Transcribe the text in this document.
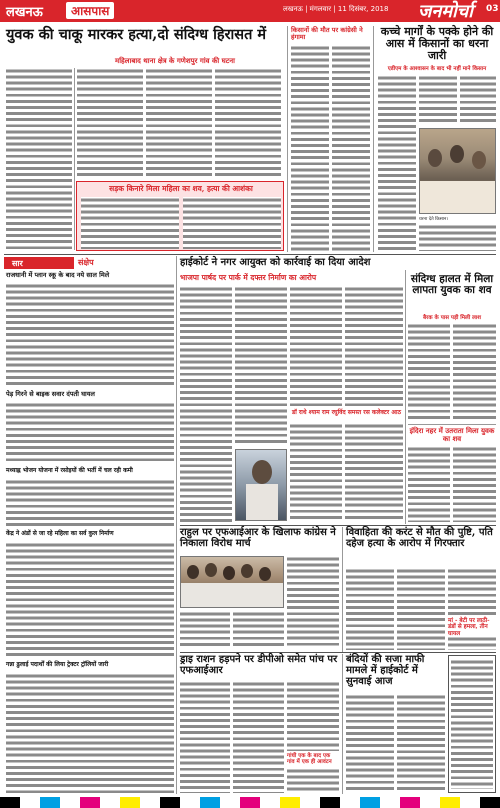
लखनऊ	आसपास	लखनऊ | मंगलवार | 11 दिसंबर, 2018 जनमोर्चा 03
युवक की चाकू मारकर हत्या,दो संदिग्ध हिरासत में
महिलाबाद थाना क्षेत्र के गणेशपुर गांव की घटना
सड़क किनारे मिला महिला का शव, हत्या की आशंका
किसानों की मौत पर कांग्रेसी ने हंगामा	कच्चे मार्गों के पक्के होने की आस में किसानों का धरना जारी
एडीएम के आश्वासन के बाद भी नहीं माने किसान
धरना देते किसान।
सार	संक्षेप
राजधानी में प्लान स्कू के बाद नये साल मिले
पेड़ गिरने से बाइक सवार दंपती घायल
मध्याह्न भोजन योजना में रसोइयों की भर्ती में चल रही कमी
केंद्र ने अंडों से जा रहे महिला का सर्व कुल निर्माण
गन्ना ढुलाई पदार्थों की लिया ट्रेक्टर ट्रॉलियों जारी
हाईकोर्ट ने नगर आयुक्त को कार्रवाई का दिया आदेश
भाजपा पार्षद पर पार्क में दफ्तर निर्माण का आरोप
डॉ राधे श्याम राम रघुविंद समस्त रस कलेक्टर आठ
संदिग्ध हालत में मिला लापता युवक का शव
बैरक के पास पड़ी मिली लाश
इंदिरा नहर में उतराता मिला युवक का शव
राहुल पर एफआईआर के खिलाफ कांग्रेस ने निकाला विरोध मार्च
विवाहिता की करंट से मौत की पुष्टि, पति दहेज हत्या के आरोप में गिरफ्तार
मां - बेटी पर लाठी- डंडों से हमला, तीन घायल
ड्राइ राशन हड़पने पर डीपीओ समेत पांच पर एफआईआर
गांधी एक के बाद एक गांव में एक ही आवंटन
बंदियों की सजा माफी मामले में हाईकोर्ट में सुनवाई आज
